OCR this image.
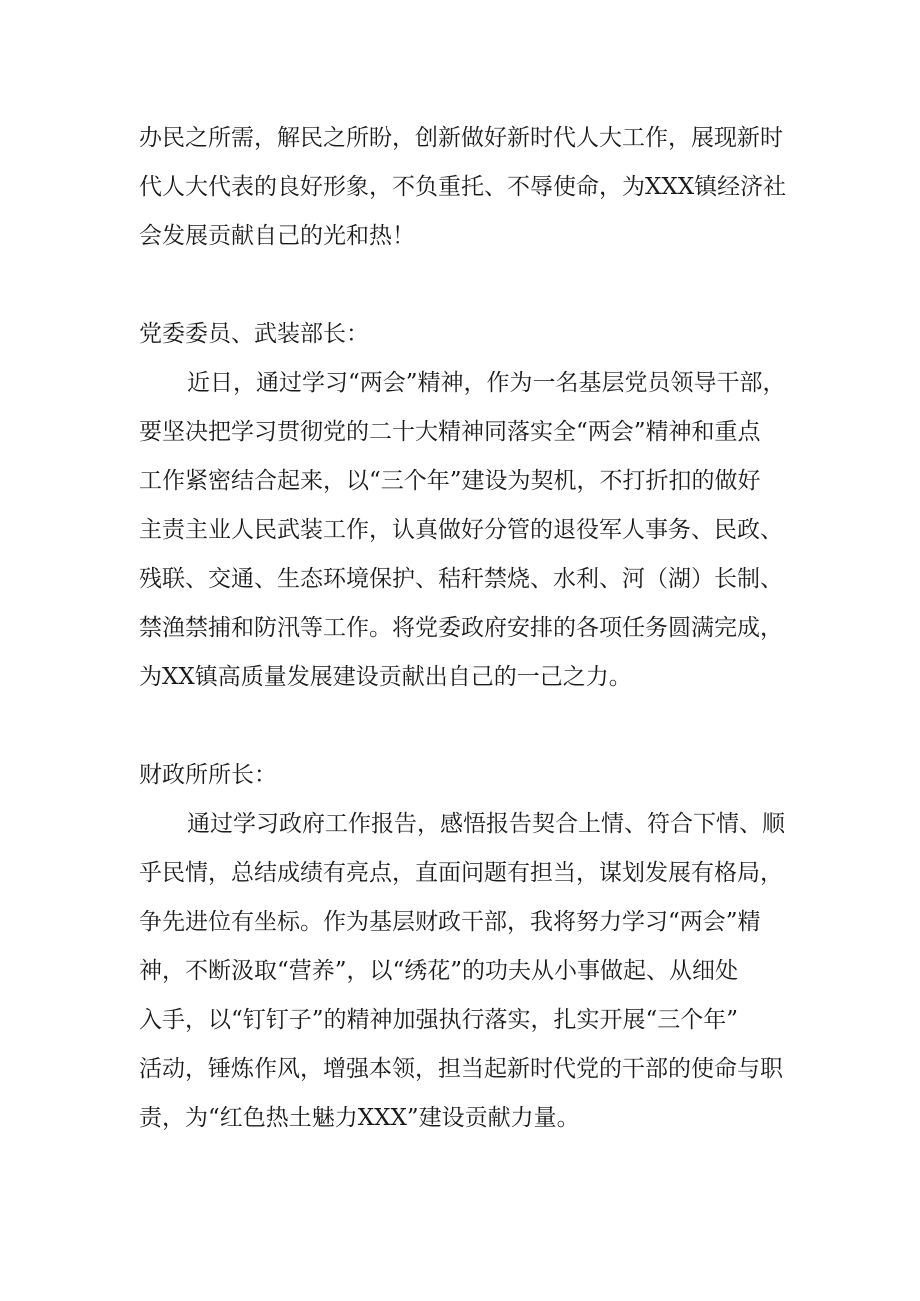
办民之所需，解民之所盼，创新做好新时代人大工作，展现新时
代人大代表的良好形象，不负重托、不辱使命，为XXX镇经济社
会发展贡献自己的光和热！
党委委员、武装部长：
近日，通过学习“两会”精神，作为一名基层党员领导干部，
要坚决把学习贯彻党的二十大精神同落实全“两会”精神和重点
工作紧密结合起来，以“三个年”建设为契机，不打折扣的做好
主责主业人民武装工作，认真做好分管的退役军人事务、民政、
残联、交通、生态环境保护、秸秆禁烧、水利、河（湖）长制、
禁渔禁捕和防汛等工作。将党委政府安排的各项任务圆满完成，
为XX镇高质量发展建设贡献出自己的一己之力。
财政所所长：
通过学习政府工作报告，感悟报告契合上情、符合下情、顺
乎民情，总结成绩有亮点，直面问题有担当，谋划发展有格局，
争先进位有坐标。作为基层财政干部，我将努力学习“两会”精
神，不断汲取“营养”，以“绣花”的功夫从小事做起、从细处
入手，以“钉钉子”的精神加强执行落实，扎实开展“三个年”
活动，锤炼作风，增强本领，担当起新时代党的干部的使命与职
责，为“红色热土魅力XXX”建设贡献力量。
